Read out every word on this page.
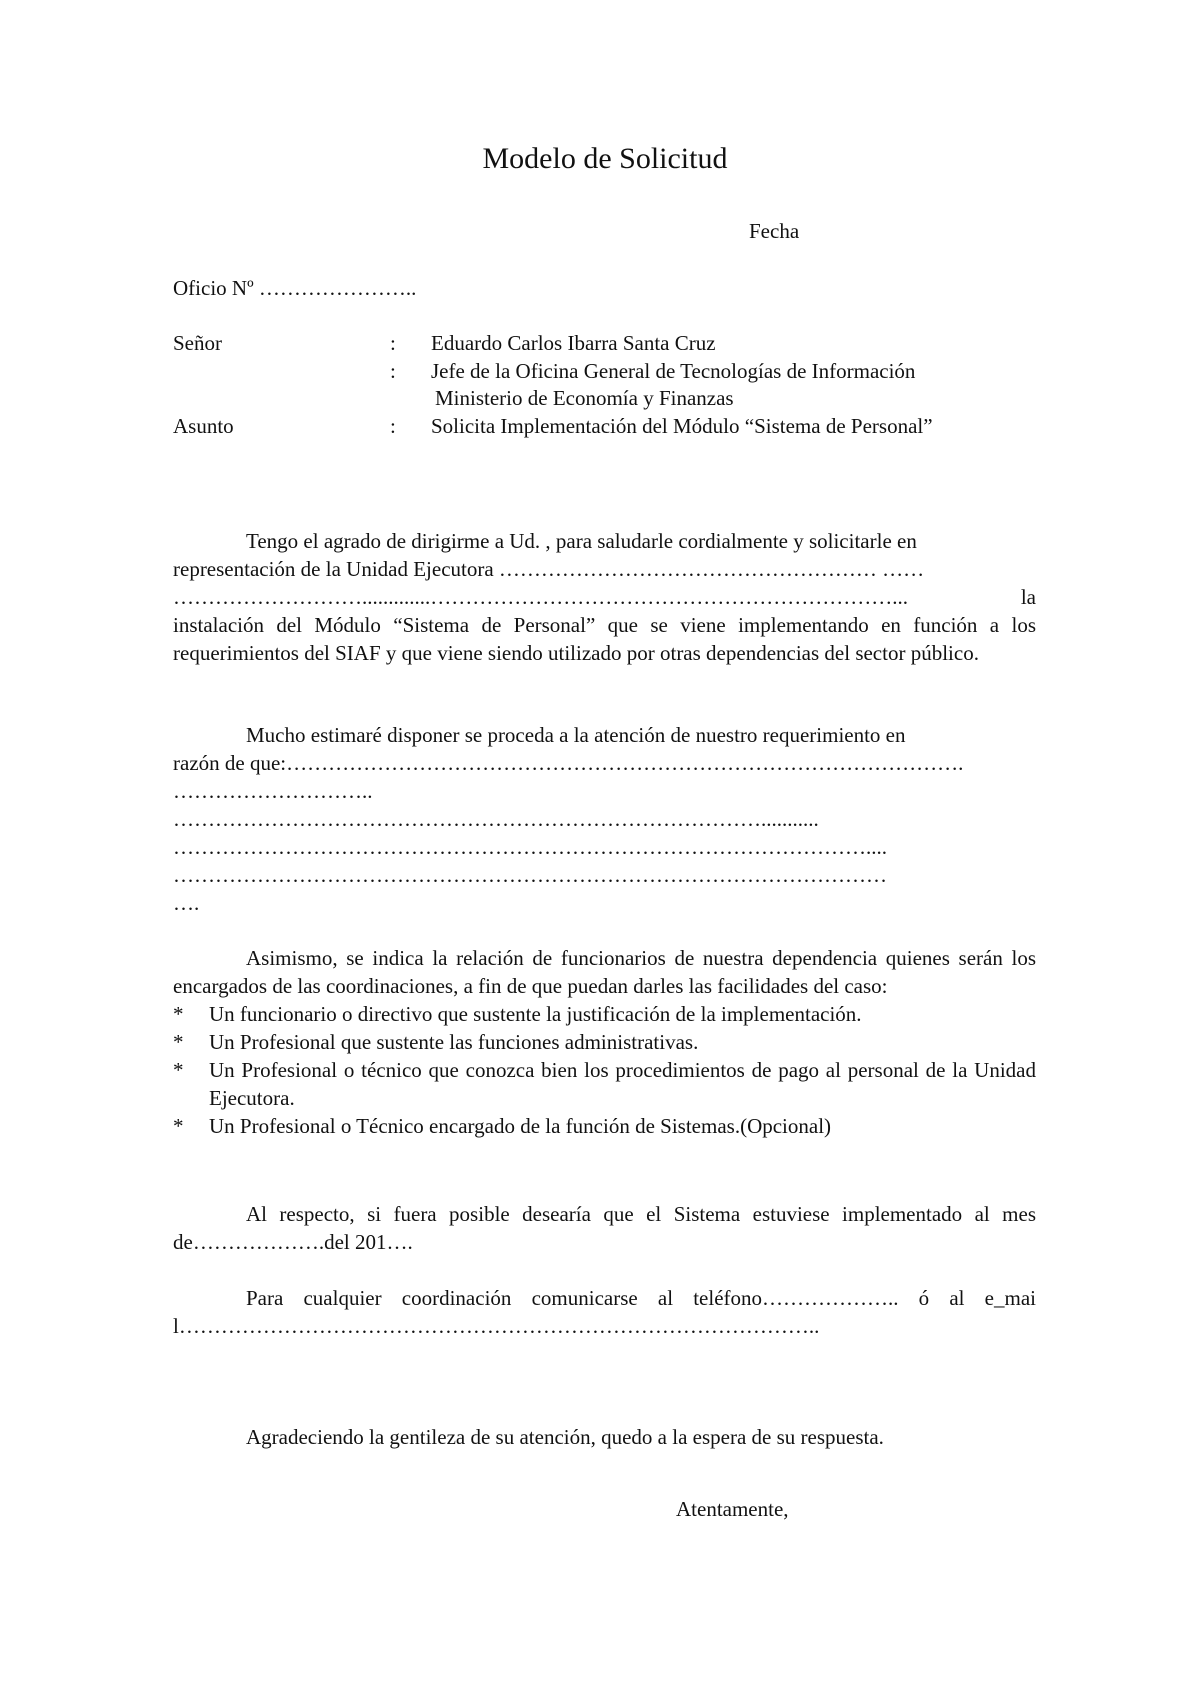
Modelo de Solicitud
Fecha
Oficio Nº …………………..
Señor	: Eduardo Carlos Ibarra Santa Cruz
: Jefe de la Oficina General de Tecnologías de Información
Ministerio de Economía y Finanzas
Asunto	: Solicita Implementación del Módulo “Sistema de Personal”
Tengo el agrado de dirigirme a Ud. , para saludarle cordialmente y solicitarle en
representación de la Unidad Ejecutora ……………………………………………… ……
……………………….............…………………………………………………………...	la
instalación del Módulo “Sistema de Personal” que se viene implementando en función a los requerimientos del SIAF y que viene siendo utilizado por otras dependencias del sector público.
Mucho estimaré disponer se proceda a la atención de nuestro requerimiento en
razón de que:…………………………………………………………………………………….
………………………..
…………………………………………………………………………...........
………………………………………………………………………………………....
…………………………………………………………………………………………
….
Asimismo, se indica la relación de funcionarios de nuestra dependencia quienes serán los encargados de las coordinaciones, a fin de que puedan darles las facilidades del caso:
* Un funcionario o directivo que sustente la justificación de la implementación.
* Un Profesional que sustente las funciones administrativas.
* Un Profesional o técnico que conozca bien los procedimientos de pago al personal de la Unidad Ejecutora.
* Un Profesional o Técnico encargado de la función de Sistemas.(Opcional)
Al respecto, si fuera posible desearía que el Sistema estuviese implementado al mes de……………….del 201….
Para cualquier coordinación comunicarse al teléfono……………….. ó al e_mail………………………………………………………………………………..
Agradeciendo la gentileza de su atención, quedo a la espera de su respuesta.
Atentamente,
